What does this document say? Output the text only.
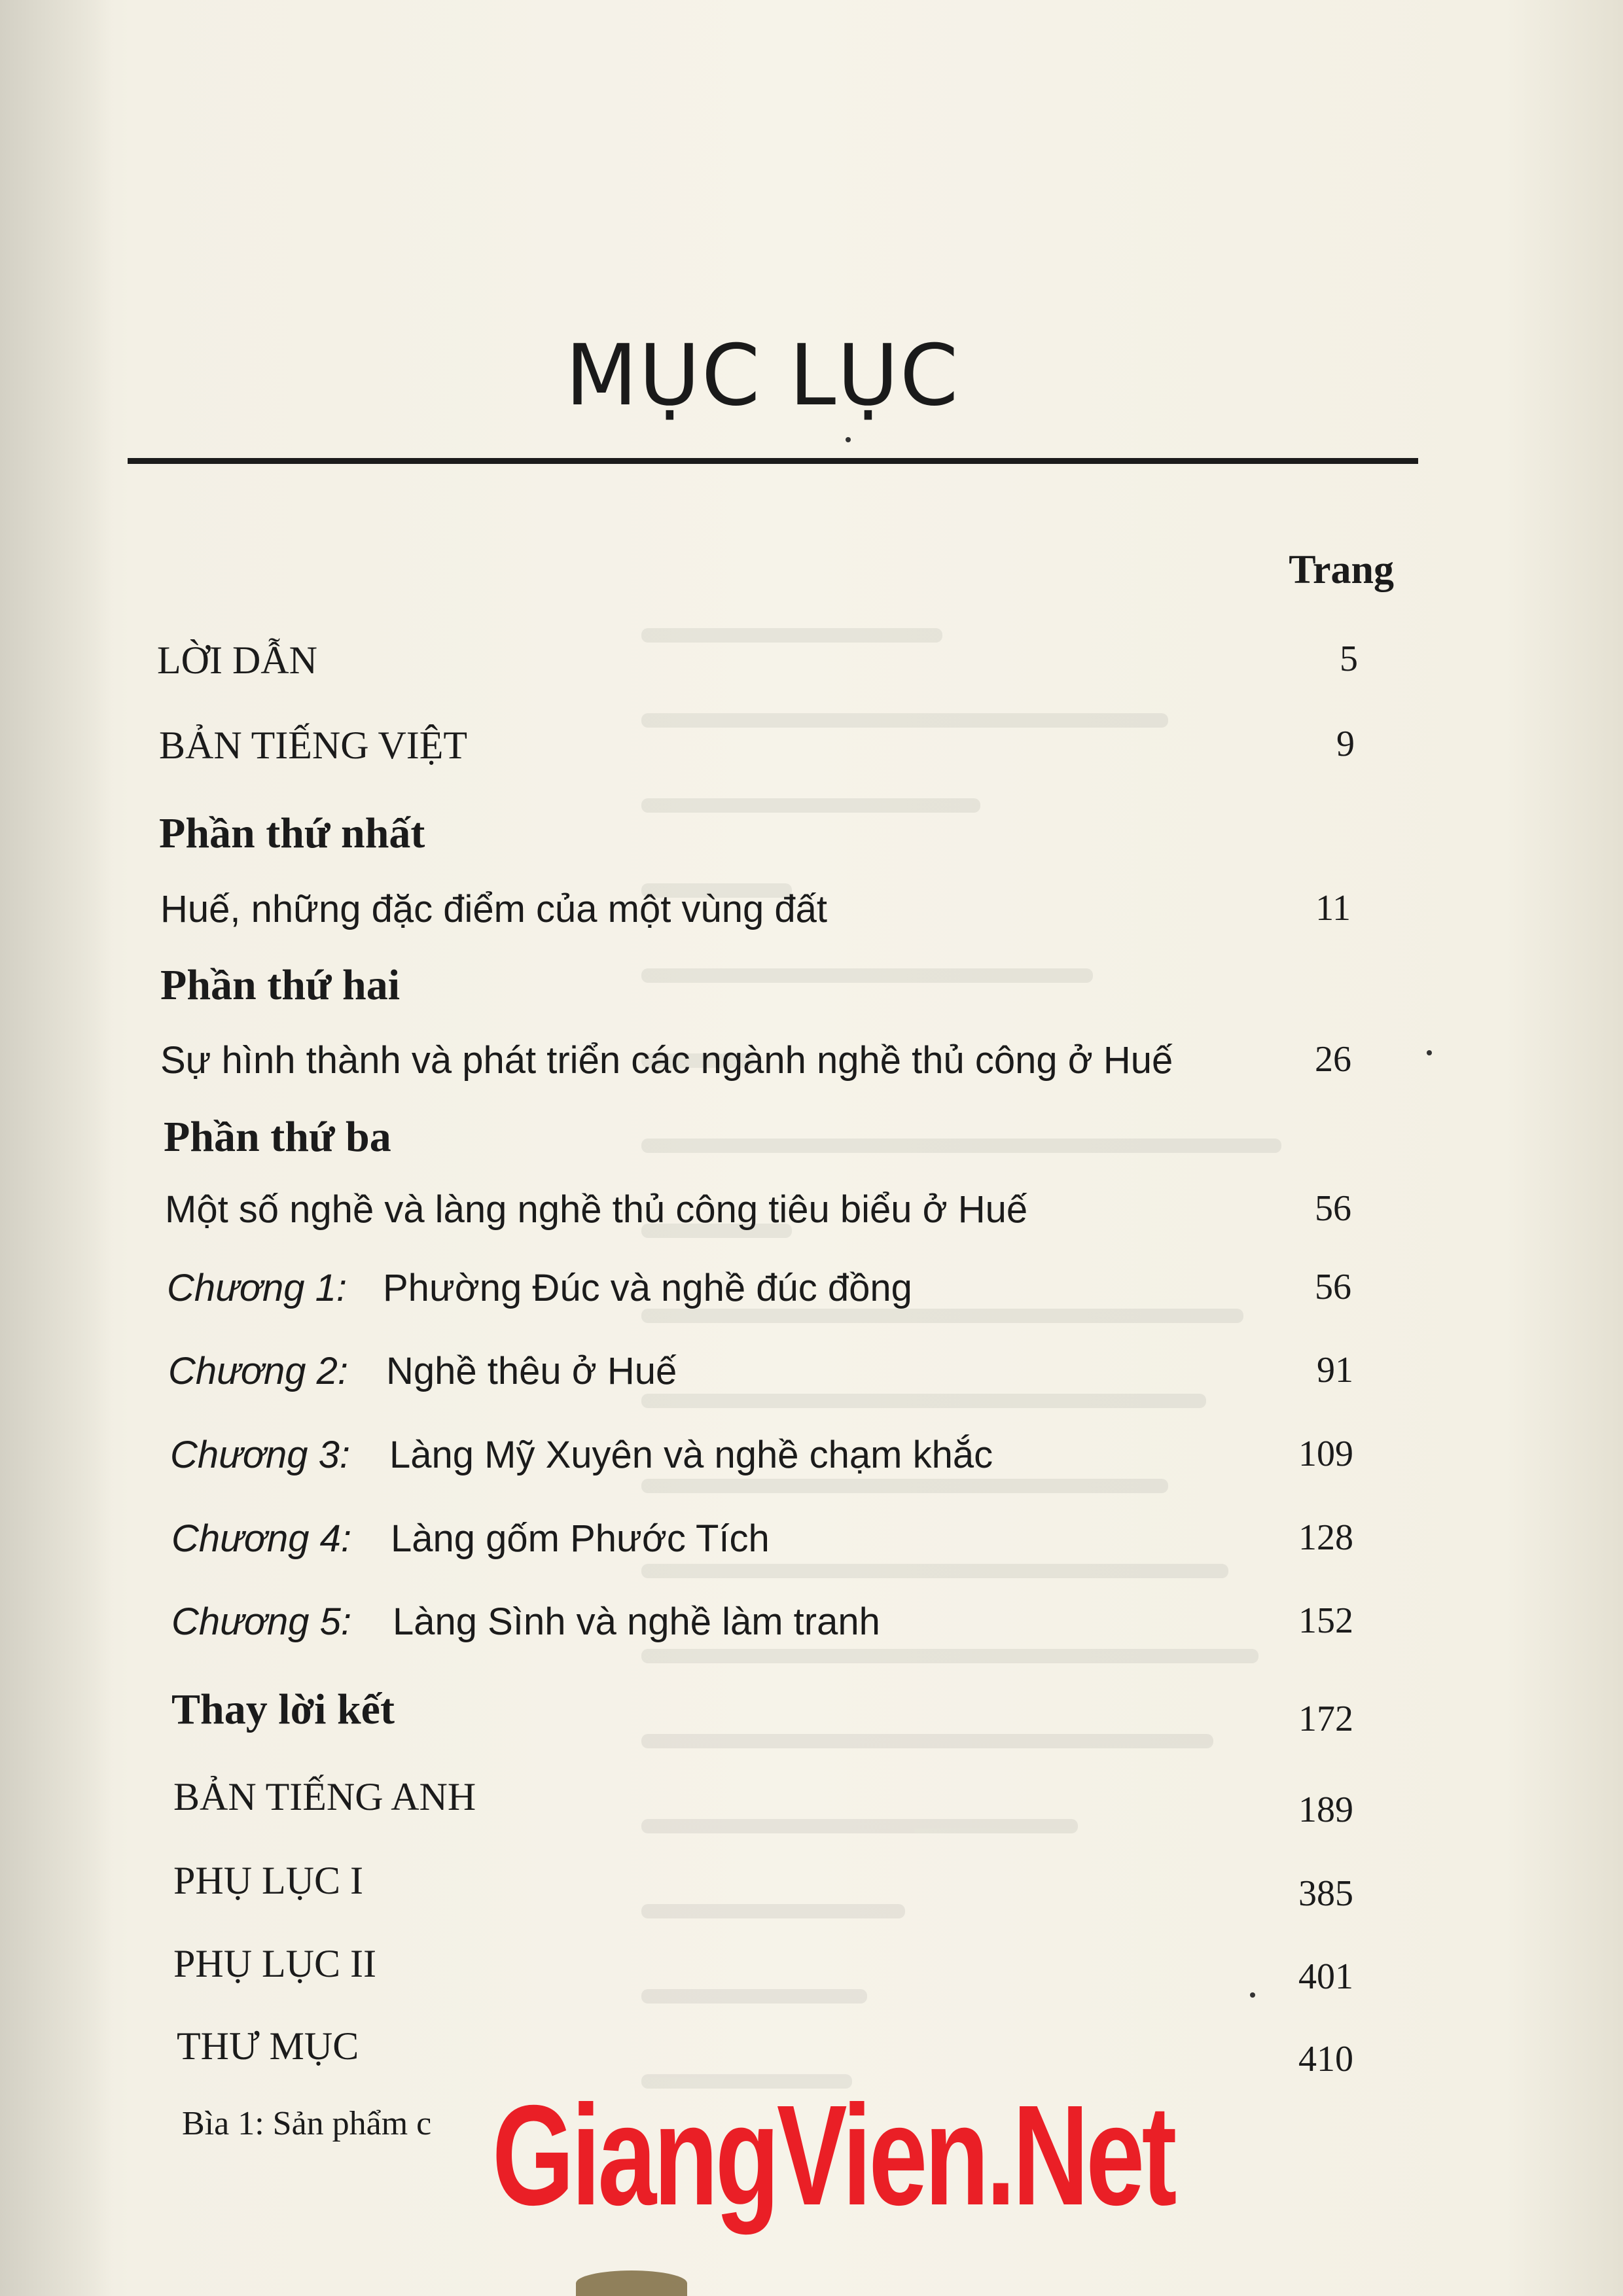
MỤC LỤC
Trang
LỜI DẪN	5
BẢN TIẾNG VIỆT	9
Phần thứ nhất
Huế, những đặc điểm của một vùng đất	11
Phần thứ hai
Sự hình thành và phát triển các ngành nghề thủ công ở Huế	26
Phần thứ ba
Một số nghề và làng nghề thủ công tiêu biểu ở Huế	56
Chương 1: Phường Đúc và nghề đúc đồng	56
Chương 2: Nghề thêu ở Huế	91
Chương 3: Làng Mỹ Xuyên và nghề chạm khắc	109
Chương 4: Làng gốm Phước Tích	128
Chương 5: Làng Sình và nghề làm tranh	152
Thay lời kết	172
BẢN TIẾNG ANH	189
PHỤ LỤC I	385
PHỤ LỤC II	401
THƯ MỤC	410
Bìa 1: Sản phẩm c GiangVien.Net
